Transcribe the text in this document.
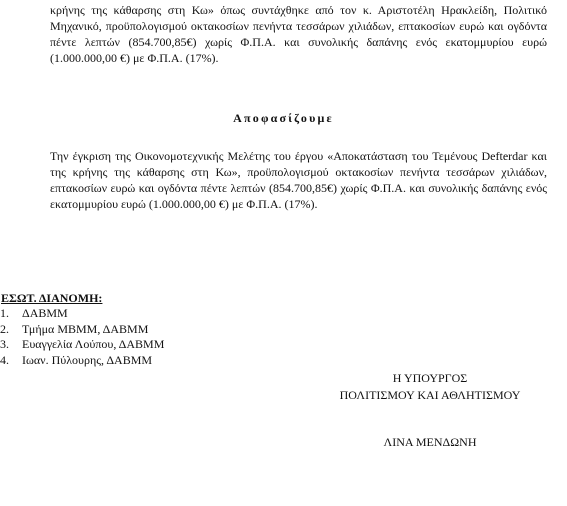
κρήνης της κάθαρσης στη Κω» όπως συντάχθηκε από τον κ. Αριστοτέλη Ηρακλείδη, Πολιτικό Μηχανικό, προϋπολογισμού οκτακοσίων πενήντα τεσσάρων χιλιάδων, επτακοσίων ευρώ και ογδόντα πέντε λεπτών (854.700,85€) χωρίς Φ.Π.Α. και συνολικής δαπάνης ενός εκατομμυρίου ευρώ (1.000.000,00 €) με Φ.Π.Α. (17%).

Αποφασίζουμε

Την έγκριση της Οικονομοτεχνικής Μελέτης του έργου «Αποκατάσταση του Τεμένους Defterdar και της κρήνης της κάθαρσης στη Κω», προϋπολογισμού οκτακοσίων πενήντα τεσσάρων χιλιάδων, επτακοσίων ευρώ και ογδόντα πέντε λεπτών (854.700,85€) χωρίς Φ.Π.Α. και συνολικής δαπάνης ενός εκατομμυρίου ευρώ (1.000.000,00 €) με Φ.Π.Α. (17%).

ΕΣΩΤ. ΔΙΑΝΟΜΗ:

1. ΔΑΒΜΜ
2. Τμήμα ΜΒΜΜ, ΔΑΒΜΜ
3. Ευαγγελία Λούπου, ΔΑΒΜΜ
4. Ιωαν. Πύλουρης, ΔΑΒΜΜ
Η ΥΠΟΥΡΓΟΣ
ΠΟΛΙΤΙΣΜΟΥ ΚΑΙ ΑΘΛΗΤΙΣΜΟΥ
ΛΙΝΑ ΜΕΝΔΩΝΗ
